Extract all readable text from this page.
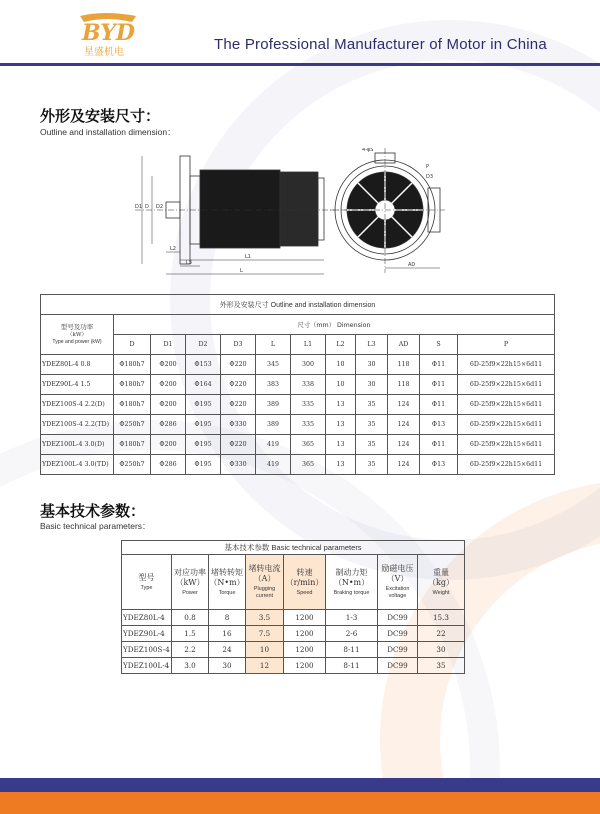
BYD
星盛机电	The Professional Manufacturer of Motor in China
外形及安装尺寸：
Outline and installation dimension：
D1 D
L
L1
L2
L3
D2
AD
4-φS
P
D3
外形及安装尺寸 Outline and installation dimension											

型号及功率
（kW）
Type and power (kW)	尺寸（mm） Dimension										
	D	D1	D2	D3	L	L1	L2	L3	AD	S	P
YDEZ80L-4 0.8	Φ180h7	Φ200	Φ153	Φ220	345	300	10	30	118	Φ11	6D-25f9×22h15×6d11
YDEZ90L-4 1.5	Φ180h7	Φ200	Φ164	Φ220	383	338	10	30	118	Φ11	6D-25f9×22h15×6d11
YDEZ100S-4 2.2(D)	Φ180h7	Φ200	Φ195	Φ220	389	335	13	35	124	Φ11	6D-25f9×22h15×6d11
YDEZ100S-4 2.2(TD)	Φ250h7	Φ286	Φ195	Φ330	389	335	13	35	124	Φ13	6D-25f9×22h15×6d11
YDEZ100L-4 3.0(D)	Φ180h7	Φ200	Φ195	Φ220	419	365	13	35	124	Φ11	6D-25f9×22h15×6d11
YDEZ100L-4 3.0(TD)	Φ250h7	Φ286	Φ195	Φ330	419	365	13	35	124	Φ13	6D-25f9×22h15×6d11
基本技术参数：
Basic technical parameters：
基本技术参数 Basic technical parameters							

型号
Type	对应功率
（kW）
Power	堵转转矩
（N•m）
Torque	堵转电流
（A）
Plugging current	转速
（r/min）
Speed	制动力矩
（N•m）
Braking torque	励磁电压
（V）
Excitation voltage	重量
（kg）
Weight

YDEZ80L-4	0.8	8	3.5	1200	1-3	DC99	15.3
YDEZ90L-4	1.5	16	7.5	1200	2-6	DC99	22
YDEZ100S-4	2.2	24	10	1200	8-11	DC99	30
YDEZ100L-4	3.0	30	12	1200	8-11	DC99	35
